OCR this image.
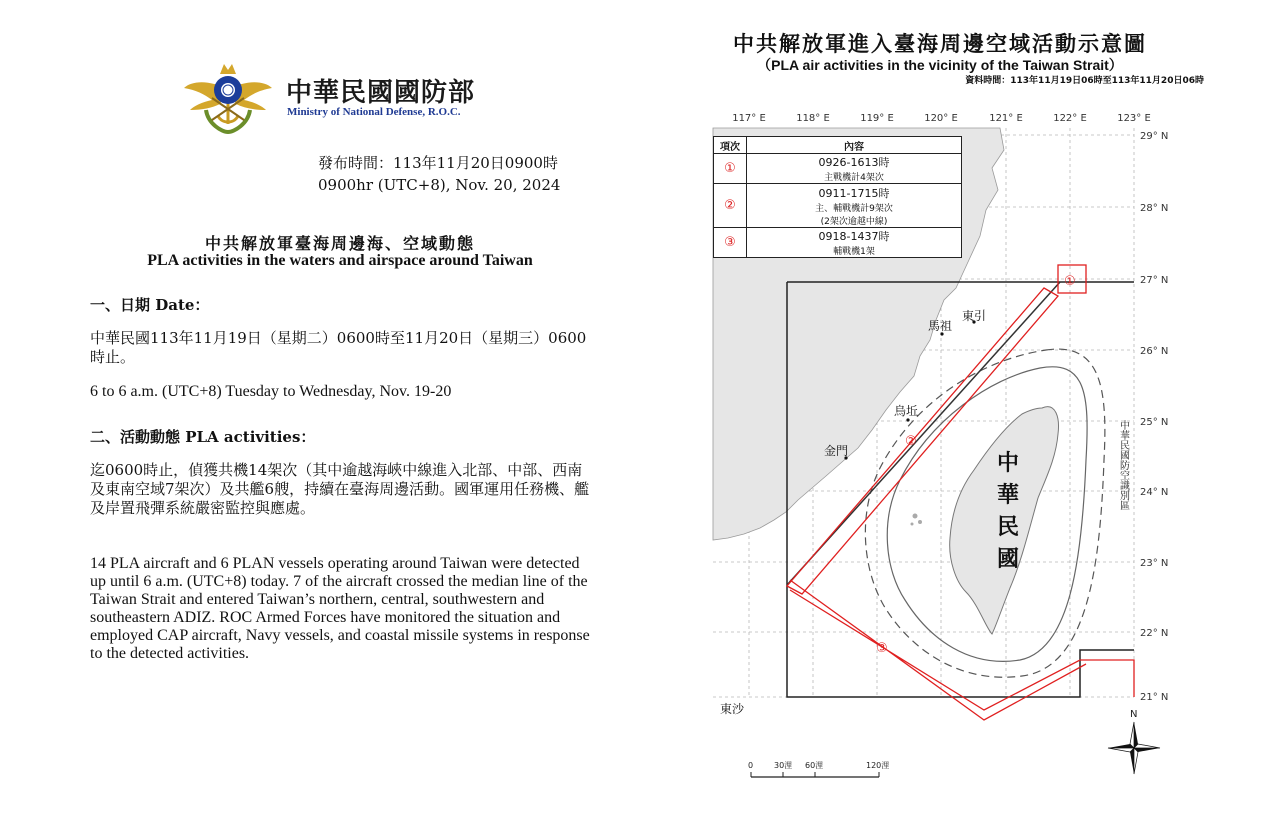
中華民國國防部
Ministry of National Defense, R.O.C.
發布時間：113年11月20日0900時
0900hr (UTC+8), Nov. 20, 2024
中共解放軍臺海周邊海、空域動態
PLA activities in the waters and airspace around Taiwan
一、日期 Date：
中華民國113年11月19日（星期二）0600時至11月20日（星期三）0600時止。
6 to 6 a.m. (UTC+8) Tuesday to Wednesday, Nov. 19-20
二、活動動態 PLA activities：
迄0600時止，偵獲共機14架次（其中逾越海峽中線進入北部、中部、西南及東南空域7架次）及共艦6艘，持續在臺海周邊活動。國軍運用任務機、艦及岸置飛彈系統嚴密監控與應處。
14 PLA aircraft and 6 PLAN vessels operating around Taiwan were detected up until 6 a.m. (UTC+8) today. 7 of the aircraft crossed the median line of the Taiwan Strait and entered Taiwan’s northern, central, southwestern and southeastern ADIZ. ROC Armed Forces have monitored the situation and employed CAP aircraft, Navy vessels, and coastal missile systems in response to the detected activities.
中共解放軍進入臺海周邊空域活動示意圖
（PLA air activities in the vicinity of the Taiwan Strait）
資料時間：113年11月19日06時至113年11月20日06時
117° E	118° E	119° E	120° E	121° E	122° E	123° E
29° N
28° N
27° N
26° N
25° N
24° N
23° N
22° N
21° N
馬祖
東引
烏坵
金門
東沙
中
華
民
國
中華民國防空識別區
①
②
③
N
0	30浬 60浬	120浬
項次	內容
①	0926-1613時
主戰機計4架次

②	0911-1715時
主、輔戰機計9架次
(2架次逾越中線)

③	0918-1437時
輔戰機1架
